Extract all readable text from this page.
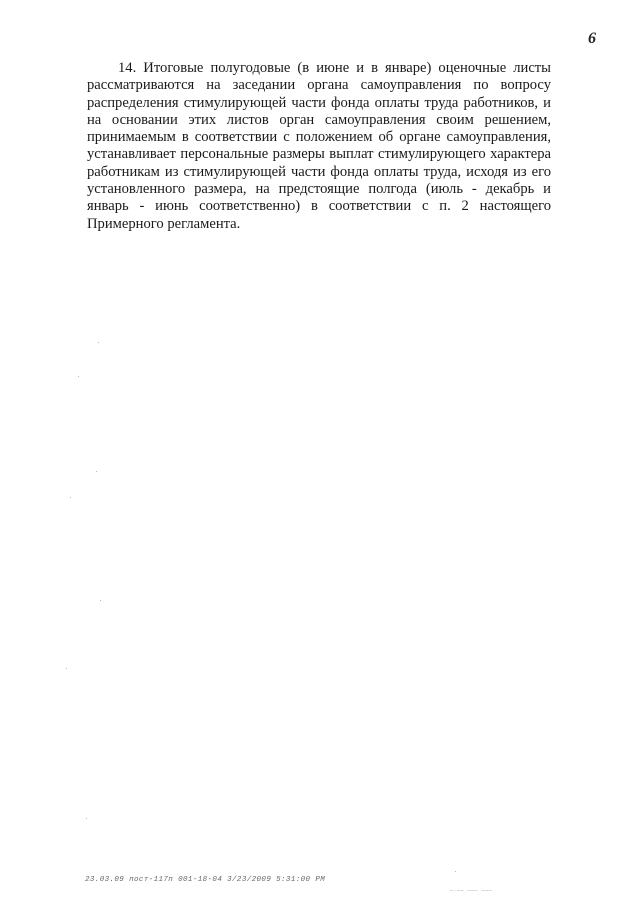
6

14. Итоговые полугодовые (в июне и в январе) оценочные листы рассматриваются на заседании органа самоуправления по вопросу распределения стимулирующей части фонда оплаты труда работников, и на основании этих листов орган самоуправления своим решением, принимаемым в соответствии с положением об органе самоуправления, устанавливает персональные размеры выплат стимулирующего характера работникам из стимулирующей части фонда оплаты труда, исходя из его установленного размера, на предстоящие полгода (июль - декабрь и январь - июнь соответственно) в соответствии с п. 2 настоящего Примерного регламента.

23.03.09 пост-117п 001-18-04 3/23/2009 5:31:00 PM
—·—— ——— ———
